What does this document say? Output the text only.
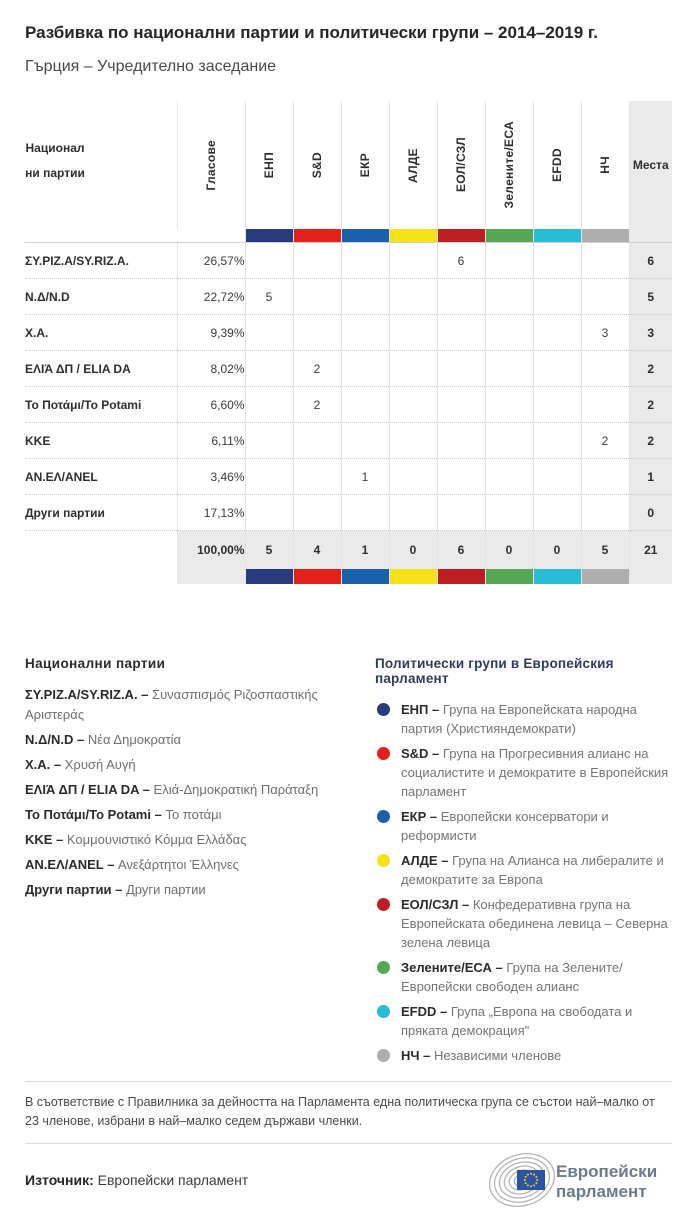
Разбивка по национални партии и политически групи – 2014–2019 г.
Гърция – Учредително заседание
Национални партии	Гласове	ЕНП	S&D	ЕКР	АЛДЕ	ЕОЛ/СЗЛ	Зелените/ЕСА	EFDD	НЧ	Места

ΣΥ.PIZ.A/SY.RIZ.A.	26,57%					6				6
Ν.Δ/N.D	22,72%	5								5
Χ.Α.	9,39%								3	3
ΕΛΙΆ ΔΠ / ELIA DA	8,02%		2							2
Το Ποτάμι/To Potami	6,60%		2							2
ΚΚΕ	6,11%								2	2
ΑΝ.ΕΛ/ANEL	3,46%			1						1
Други партии	17,13%									0
	100,00%	5	4	1	0	6	0	0	5	21

Национални партии

ΣΥ.PIZ.A/SY.RIZ.A. – Συνασπισμός Ριζοσπαστικής Αριστεράς

Ν.Δ/N.D – Νέα Δημοκρατία

Χ.Α. – Χρυσή Αυγή

ΕΛΙΆ ΔΠ / ELIA DA – Ελιά-Δημοκρατική Παράταξη

Το Ποτάμι/To Potami – Το ποτάμι

ΚΚΕ – Κομμουνιστικό Κόμμα Ελλάδας

ΑΝ.ΕΛ/ANEL – Ανεξάρτητοι Έλληνες

Други партии – Други партии

Политически групи в Европейския парламент

ЕНП – Група на Европейската народна партия (Християндемократи)

S&D – Група на Прогресивния алианс на социалистите и демократите в Европейския парламент

ЕКР – Европейски консерватори и реформисти

АЛДЕ – Група на Алианса на либералите и демократите за Европа

ЕОЛ/СЗЛ – Конфедеративна група на Европейската обединена левица – Северна зелена левица

Зелените/ЕСА – Група на Зелените/Европейски свободен алианс

EFDD – Група „Европа на свободата и пряката демокрация"

НЧ – Независими членове

В съответствие с Правилника за дейността на Парламента една политическа група се състои най–малко от 23 членове, избрани в най–малко седем държави членки.

Източник: Европейски парламент	Европейски
парламент
